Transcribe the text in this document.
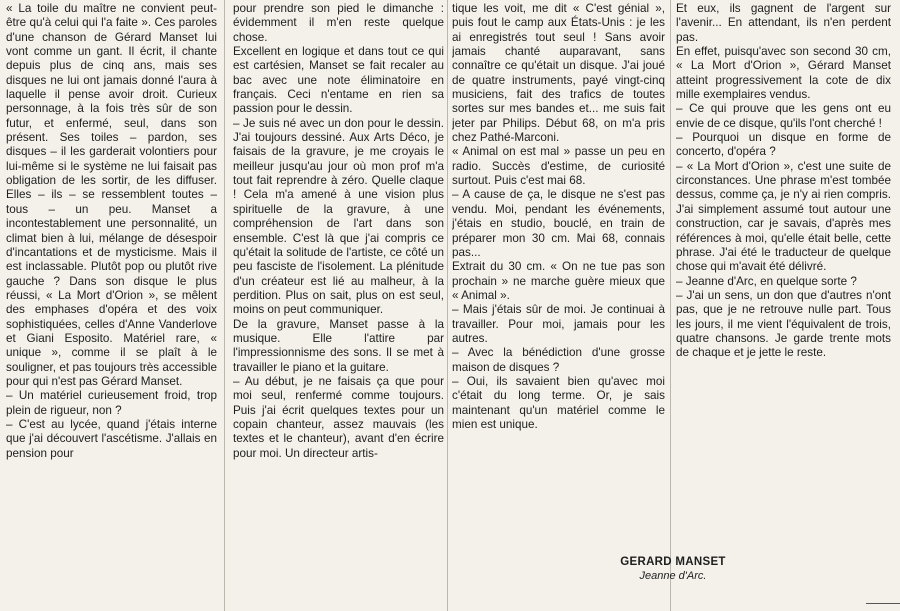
« La toile du maître ne convient peut-être qu'à celui qui l'a faite ». Ces paroles d'une chanson de Gérard Manset lui vont comme un gant. Il écrit, il chante depuis plus de cinq ans, mais ses disques ne lui ont jamais donné l'aura à laquelle il pense avoir droit. Curieux personnage, à la fois très sûr de son futur, et enfermé, seul, dans son présent. Ses toiles – pardon, ses disques – il les garderait volontiers pour lui-même si le système ne lui faisait pas obligation de les sortir, de les diffuser. Elles – ils – se ressemblent toutes – tous – un peu. Manset a incontestablement une personnalité, un climat bien à lui, mélange de désespoir d'incantations et de mysticisme. Mais il est inclassable. Plutôt pop ou plutôt rive gauche ? Dans son disque le plus réussi, « La Mort d'Orion », se mêlent des emphases d'opéra et des voix sophistiquées, celles d'Anne Vanderlove et Giani Esposito. Matériel rare, « unique », comme il se plaît à le souligner, et pas toujours très accessible pour qui n'est pas Gérard Manset.

– Un matériel curieusement froid, trop plein de rigueur, non ?

– C'est au lycée, quand j'étais interne que j'ai découvert l'ascétisme. J'allais en pension pour

pour prendre son pied le dimanche : évidemment il m'en reste quelque chose.

Excellent en logique et dans tout ce qui est cartésien, Manset se fait recaler au bac avec une note éliminatoire en français. Ceci n'entame en rien sa passion pour le dessin.

– Je suis né avec un don pour le dessin. J'ai toujours dessiné. Aux Arts Déco, je faisais de la gravure, je me croyais le meilleur jusqu'au jour où mon prof m'a tout fait reprendre à zéro. Quelle claque ! Cela m'a amené à une vision plus spirituelle de la gravure, à une compréhension de l'art dans son ensemble. C'est là que j'ai compris ce qu'était la solitude de l'artiste, ce côté un peu fasciste de l'isolement. La plénitude d'un créateur est lié au malheur, à la perdition. Plus on sait, plus on est seul, moins on peut communiquer.

De la gravure, Manset passe à la musique. Elle l'attire par l'impressionnisme des sons. Il se met à travailler le piano et la guitare.

– Au début, je ne faisais ça que pour moi seul, renfermé comme toujours. Puis j'ai écrit quelques textes pour un copain chanteur, assez mauvais (les textes et le chanteur), avant d'en écrire pour moi. Un directeur artis-

tique les voit, me dit « C'est génial », puis fout le camp aux États-Unis : je les ai enregistrés tout seul ! Sans avoir jamais chanté auparavant, sans connaître ce qu'était un disque. J'ai joué de quatre instruments, payé vingt-cinq musiciens, fait des trafics de toutes sortes sur mes bandes et... me suis fait jeter par Philips. Début 68, on m'a pris chez Pathé-Marconi.

« Animal on est mal » passe un peu en radio. Succès d'estime, de curiosité surtout. Puis c'est mai 68.

– A cause de ça, le disque ne s'est pas vendu. Moi, pendant les événements, j'étais en studio, bouclé, en train de préparer mon 30 cm. Mai 68, connais pas...

Extrait du 30 cm. « On ne tue pas son prochain » ne marche guère mieux que « Animal ».

– Mais j'étais sûr de moi. Je continuai à travailler. Pour moi, jamais pour les autres.

– Avec la bénédiction d'une grosse maison de disques ?

– Oui, ils savaient bien qu'avec moi c'était du long terme. Or, je sais maintenant qu'un matériel comme le mien est unique.

Et eux, ils gagnent de l'argent sur l'avenir... En attendant, ils n'en perdent pas.

En effet, puisqu'avec son second 30 cm, « La Mort d'Orion », Gérard Manset atteint progressivement la cote de dix mille exemplaires vendus.

– Ce qui prouve que les gens ont eu envie de ce disque, qu'ils l'ont cherché !

– Pourquoi un disque en forme de concerto, d'opéra ?

– « La Mort d'Orion », c'est une suite de circonstances. Une phrase m'est tombée dessus, comme ça, je n'y ai rien compris. J'ai simplement assumé tout autour une construction, car je savais, d'après mes références à moi, qu'elle était belle, cette phrase. J'ai été le traducteur de quelque chose qui m'avait été délivré.

– Jeanne d'Arc, en quelque sorte ?

– J'ai un sens, un don que d'autres n'ont pas, que je ne retrouve nulle part. Tous les jours, il me vient l'équivalent de trois, quatre chansons. Je garde trente mots de chaque et je jette le reste.

GERARD MANSET
Jeanne d'Arc.
